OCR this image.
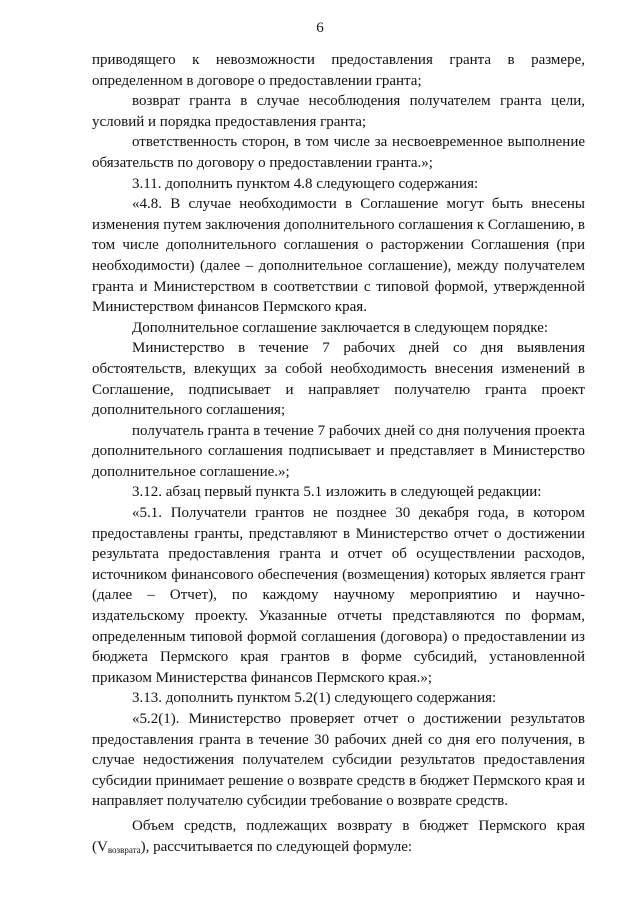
6

приводящего к невозможности предоставления гранта в размере, определенном в договоре о предоставлении гранта;

возврат гранта в случае несоблюдения получателем гранта цели, условий и порядка предоставления гранта;

ответственность сторон, в том числе за несвоевременное выполнение обязательств по договору о предоставлении гранта.»;

3.11. дополнить пунктом 4.8 следующего содержания:

«4.8. В случае необходимости в Соглашение могут быть внесены изменения путем заключения дополнительного соглашения к Соглашению, в том числе дополнительного соглашения о расторжении Соглашения (при необходимости) (далее – дополнительное соглашение), между получателем гранта и Министерством в соответствии с типовой формой, утвержденной Министерством финансов Пермского края.

Дополнительное соглашение заключается в следующем порядке:

Министерство в течение 7 рабочих дней со дня выявления обстоятельств, влекущих за собой необходимость внесения изменений в Соглашение, подписывает и направляет получателю гранта проект дополнительного соглашения;

получатель гранта в течение 7 рабочих дней со дня получения проекта дополнительного соглашения подписывает и представляет в Министерство дополнительное соглашение.»;

3.12. абзац первый пункта 5.1 изложить в следующей редакции:

«5.1. Получатели грантов не позднее 30 декабря года, в котором предоставлены гранты, представляют в Министерство отчет о достижении результата предоставления гранта и отчет об осуществлении расходов, источником финансового обеспечения (возмещения) которых является грант (далее – Отчет), по каждому научному мероприятию и научно-издательскому проекту. Указанные отчеты представляются по формам, определенным типовой формой соглашения (договора) о предоставлении из бюджета Пермского края грантов в форме субсидий, установленной приказом Министерства финансов Пермского края.»;

3.13. дополнить пунктом 5.2(1) следующего содержания:

«5.2(1). Министерство проверяет отчет о достижении результатов предоставления гранта в течение 30 рабочих дней со дня его получения, в случае недостижения получателем субсидии результатов предоставления субсидии принимает решение о возврате средств в бюджет Пермского края и направляет получателю субсидии требование о возврате средств.

Объем средств, подлежащих возврату в бюджет Пермского края $(V_{возврата})$, рассчитывается по следующей формуле:
